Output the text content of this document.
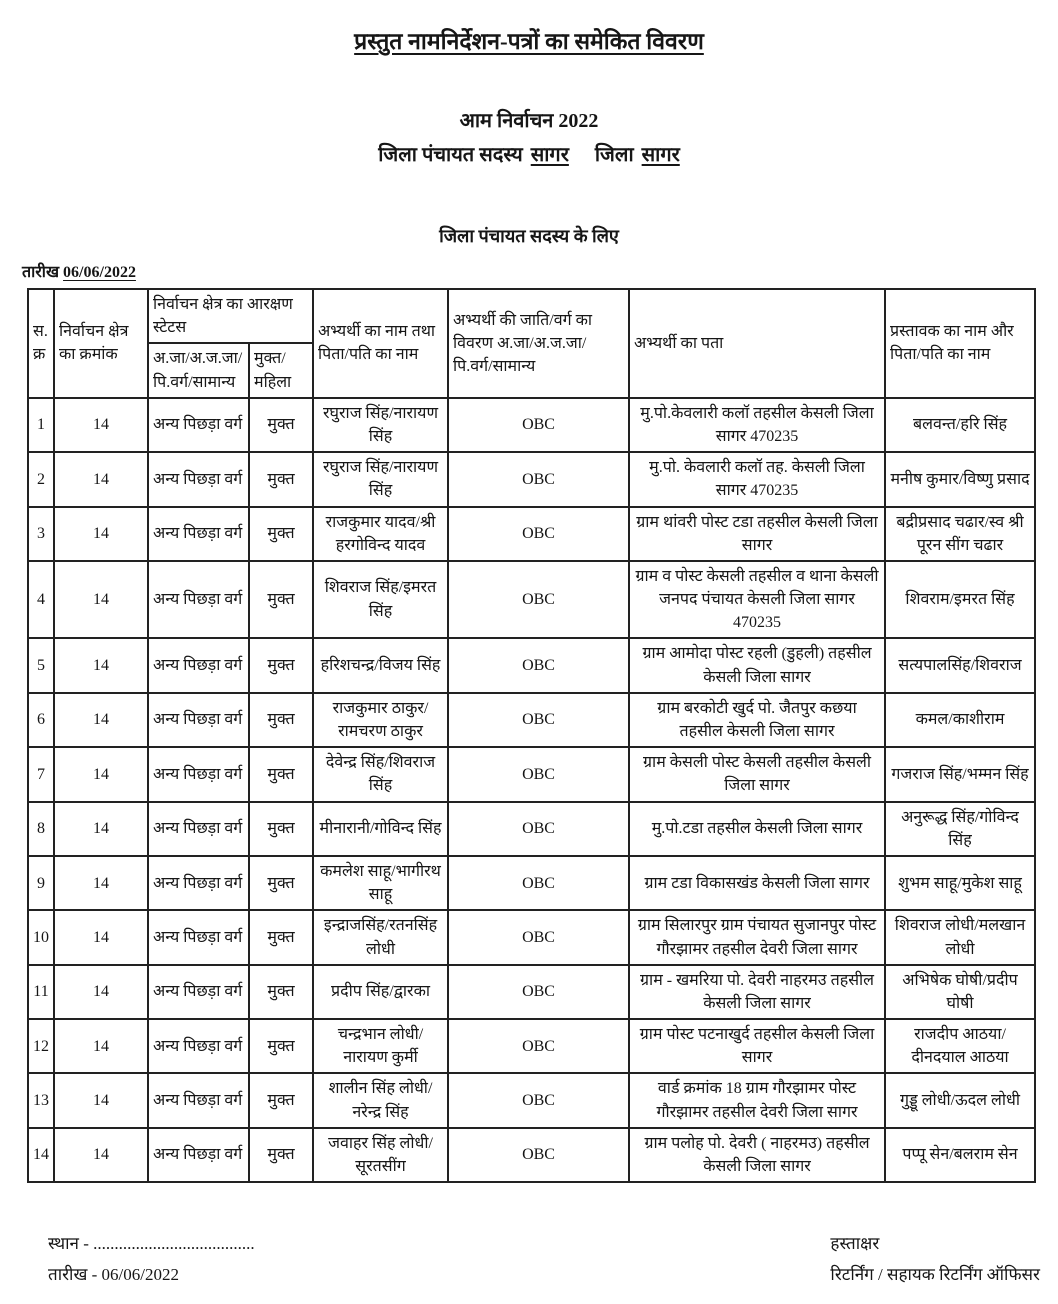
प्रस्तुत नामनिर्देशन-पत्रों का समेकित विवरण
आम निर्वाचन 2022
जिला पंचायत सदस्य सागर जिला सागर
जिला पंचायत सदस्य के लिए
तारीख 06/06/2022
स.क्र	निर्वाचन क्षेत्र का क्रमांक	निर्वाचन क्षेत्र का आरक्षण स्टेटस		अभ्यर्थी का नाम तथा पिता/पति का नाम	अभ्यर्थी की जाति/वर्ग का विवरण अ.जा/अ.ज.जा/ पि.वर्ग/सामान्य	अभ्यर्थी का पता	प्रस्तावक का नाम और पिता/पति का नाम
		अ.जा/अ.ज.जा/ पि.वर्ग/सामान्य	मुक्त/ महिला				
1	14	अन्य पिछड़ा वर्ग	मुक्त	रघुराज सिंह/नारायण सिंह	OBC	मु.पो.केवलारी कलॉ तहसील केसली जिला सागर 470235	बलवन्त/हरि सिंह
2	14	अन्य पिछड़ा वर्ग	मुक्त	रघुराज सिंह/नारायण सिंह	OBC	मु.पो. केवलारी कलॉ तह. केसली जिला सागर 470235	मनीष कुमार/विष्णु प्रसाद
3	14	अन्य पिछड़ा वर्ग	मुक्त	राजकुमार यादव/श्री हरगोविन्द यादव	OBC	ग्राम थांवरी पोस्ट टडा तहसील केसली जिला सागर	बद्रीप्रसाद चढार/स्व श्री पूरन सींग चढार
4	14	अन्य पिछड़ा वर्ग	मुक्त	शिवराज सिंह/इमरत सिंह	OBC	ग्राम व पोस्ट केसली तहसील व थाना केसली जनपद पंचायत केसली जिला सागर 470235	शिवराम/इमरत सिंह
5	14	अन्य पिछड़ा वर्ग	मुक्त	हरिशचन्द्र/विजय सिंह	OBC	ग्राम आमोदा पोस्ट रहली (डुहली) तहसील केसली जिला सागर	सत्यपालसिंह/शिवराज
6	14	अन्य पिछड़ा वर्ग	मुक्त	राजकुमार ठाकुर/ रामचरण ठाकुर	OBC	ग्राम बरकोटी खुर्द पो. जैतपुर कछया तहसील केसली जिला सागर	कमल/काशीराम
7	14	अन्य पिछड़ा वर्ग	मुक्त	देवेन्द्र सिंह/शिवराज सिंह	OBC	ग्राम केसली पोस्ट केसली तहसील केसली जिला सागर	गजराज सिंह/भम्मन सिंह
8	14	अन्य पिछड़ा वर्ग	मुक्त	मीनारानी/गोविन्द सिंह	OBC	मु.पो.टडा तहसील केसली जिला सागर	अनुरूद्ध सिंह/गोविन्द सिंह
9	14	अन्य पिछड़ा वर्ग	मुक्त	कमलेश साहू/भागीरथ साहू	OBC	ग्राम टडा विकासखंड केसली जिला सागर	शुभम साहू/मुकेश साहू
10	14	अन्य पिछड़ा वर्ग	मुक्त	इन्द्राजसिंह/रतनसिंह लोधी	OBC	ग्राम सिलारपुर ग्राम पंचायत सुजानपुर पोस्ट गौरझामर तहसील देवरी जिला सागर	शिवराज लोधी/मलखान लोधी
11	14	अन्य पिछड़ा वर्ग	मुक्त	प्रदीप सिंह/द्वारका	OBC	ग्राम - खमरिया पो. देवरी नाहरमउ तहसील केसली जिला सागर	अभिषेक घोषी/प्रदीप घोषी
12	14	अन्य पिछड़ा वर्ग	मुक्त	चन्द्रभान लोधी/ नारायण कुर्मी	OBC	ग्राम पोस्ट पटनाखुर्द तहसील केसली जिला सागर	राजदीप आठया/ दीनदयाल आठया
13	14	अन्य पिछड़ा वर्ग	मुक्त	शालीन सिंह लोधी/ नरेन्द्र सिंह	OBC	वार्ड क्रमांक 18 ग्राम गौरझामर पोस्ट गौरझामर तहसील देवरी जिला सागर	गुड्डू लोधी/ऊदल लोधी
14	14	अन्य पिछड़ा वर्ग	मुक्त	जवाहर सिंह लोधी/ सूरतसींग	OBC	ग्राम पलोह पो. देवरी ( नाहरमउ) तहसील केसली जिला सागर	पप्पू सेन/बलराम सेन
स्थान - ......................................
तारीख - 06/06/2022
हस्ताक्षर
रिटर्निंग / सहायक रिटर्निंग ऑफिसर
